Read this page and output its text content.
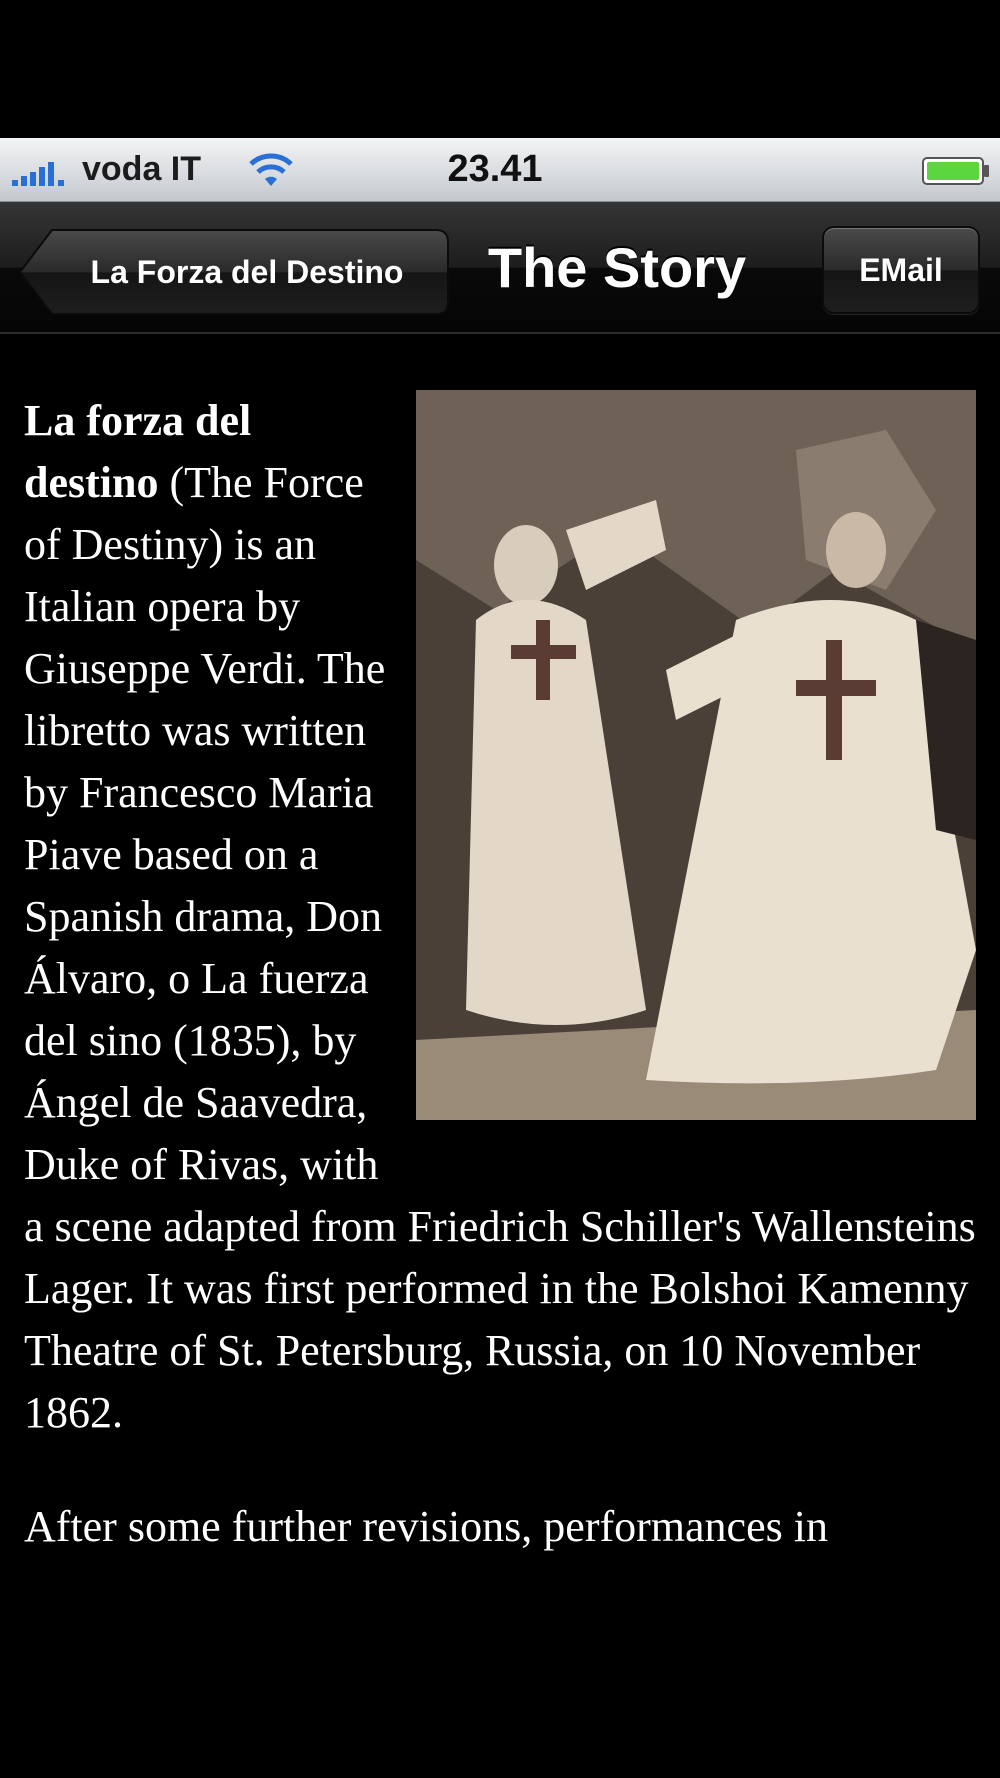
voda IT	23.41
La Forza del Destino	The Story	EMail

La forza del destino (The Force of Destiny) is an Italian opera by Giuseppe Verdi. The libretto was written by Francesco Maria Piave based on a Spanish drama, Don Álvaro, o La fuerza del sino (1835), by Ángel de Saavedra, Duke of Rivas, with a scene adapted from Friedrich Schiller's Wallensteins Lager. It was first performed in the Bolshoi Kamenny Theatre of St. Petersburg, Russia, on 10 November 1862.

After some further revisions, performances in
